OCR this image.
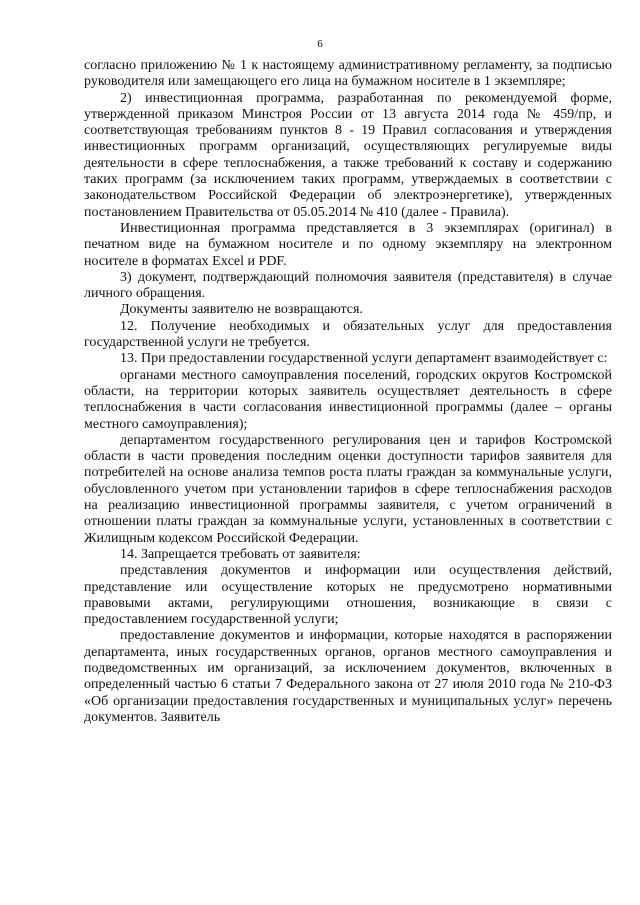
6

согласно приложению № 1 к настоящему административному регламенту, за подписью руководителя или замещающего его лица на бумажном носителе в 1 экземпляре;

2) инвестиционная программа, разработанная по рекомендуемой форме, утвержденной приказом Минстроя России от 13 августа 2014 года № 459/пр, и соответствующая требованиям пунктов 8 - 19 Правил согласования и утверждения инвестиционных программ организаций, осуществляющих регулируемые виды деятельности в сфере теплоснабжения, а также требований к составу и содержанию таких программ (за исключением таких программ, утверждаемых в соответствии с законодательством Российской Федерации об электроэнергетике), утвержденных постановлением Правительства от 05.05.2014 № 410 (далее - Правила).

Инвестиционная программа представляется в 3 экземплярах (оригинал) в печатном виде на бумажном носителе и по одному экземпляру на электронном носителе в форматах Excel и PDF.

3) документ, подтверждающий полномочия заявителя (представителя) в случае личного обращения.

Документы заявителю не возвращаются.

12. Получение необходимых и обязательных услуг для предоставления государственной услуги не требуется.

13. При предоставлении государственной услуги департамент взаимодействует с:

органами местного самоуправления поселений, городских округов Костромской области, на территории которых заявитель осуществляет деятельность в сфере теплоснабжения в части согласования инвестиционной программы (далее – органы местного самоуправления);

департаментом государственного регулирования цен и тарифов Костромской области в части проведения последним оценки доступности тарифов заявителя для потребителей на основе анализа темпов роста платы граждан за коммунальные услуги, обусловленного учетом при установлении тарифов в сфере теплоснабжения расходов на реализацию инвестиционной программы заявителя, с учетом ограничений в отношении платы граждан за коммунальные услуги, установленных в соответствии с Жилищным кодексом Российской Федерации.

14. Запрещается требовать от заявителя:

представления документов и информации или осуществления действий, представление или осуществление которых не предусмотрено нормативными правовыми актами, регулирующими отношения, возникающие в связи с предоставлением государственной услуги;

предоставление документов и информации, которые находятся в распоряжении департамента, иных государственных органов, органов местного самоуправления и подведомственных им организаций, за исключением документов, включенных в определенный частью 6 статьи 7 Федерального закона от 27 июля 2010 года № 210-ФЗ «Об организации предоставления государственных и муниципальных услуг» перечень документов. Заявитель
